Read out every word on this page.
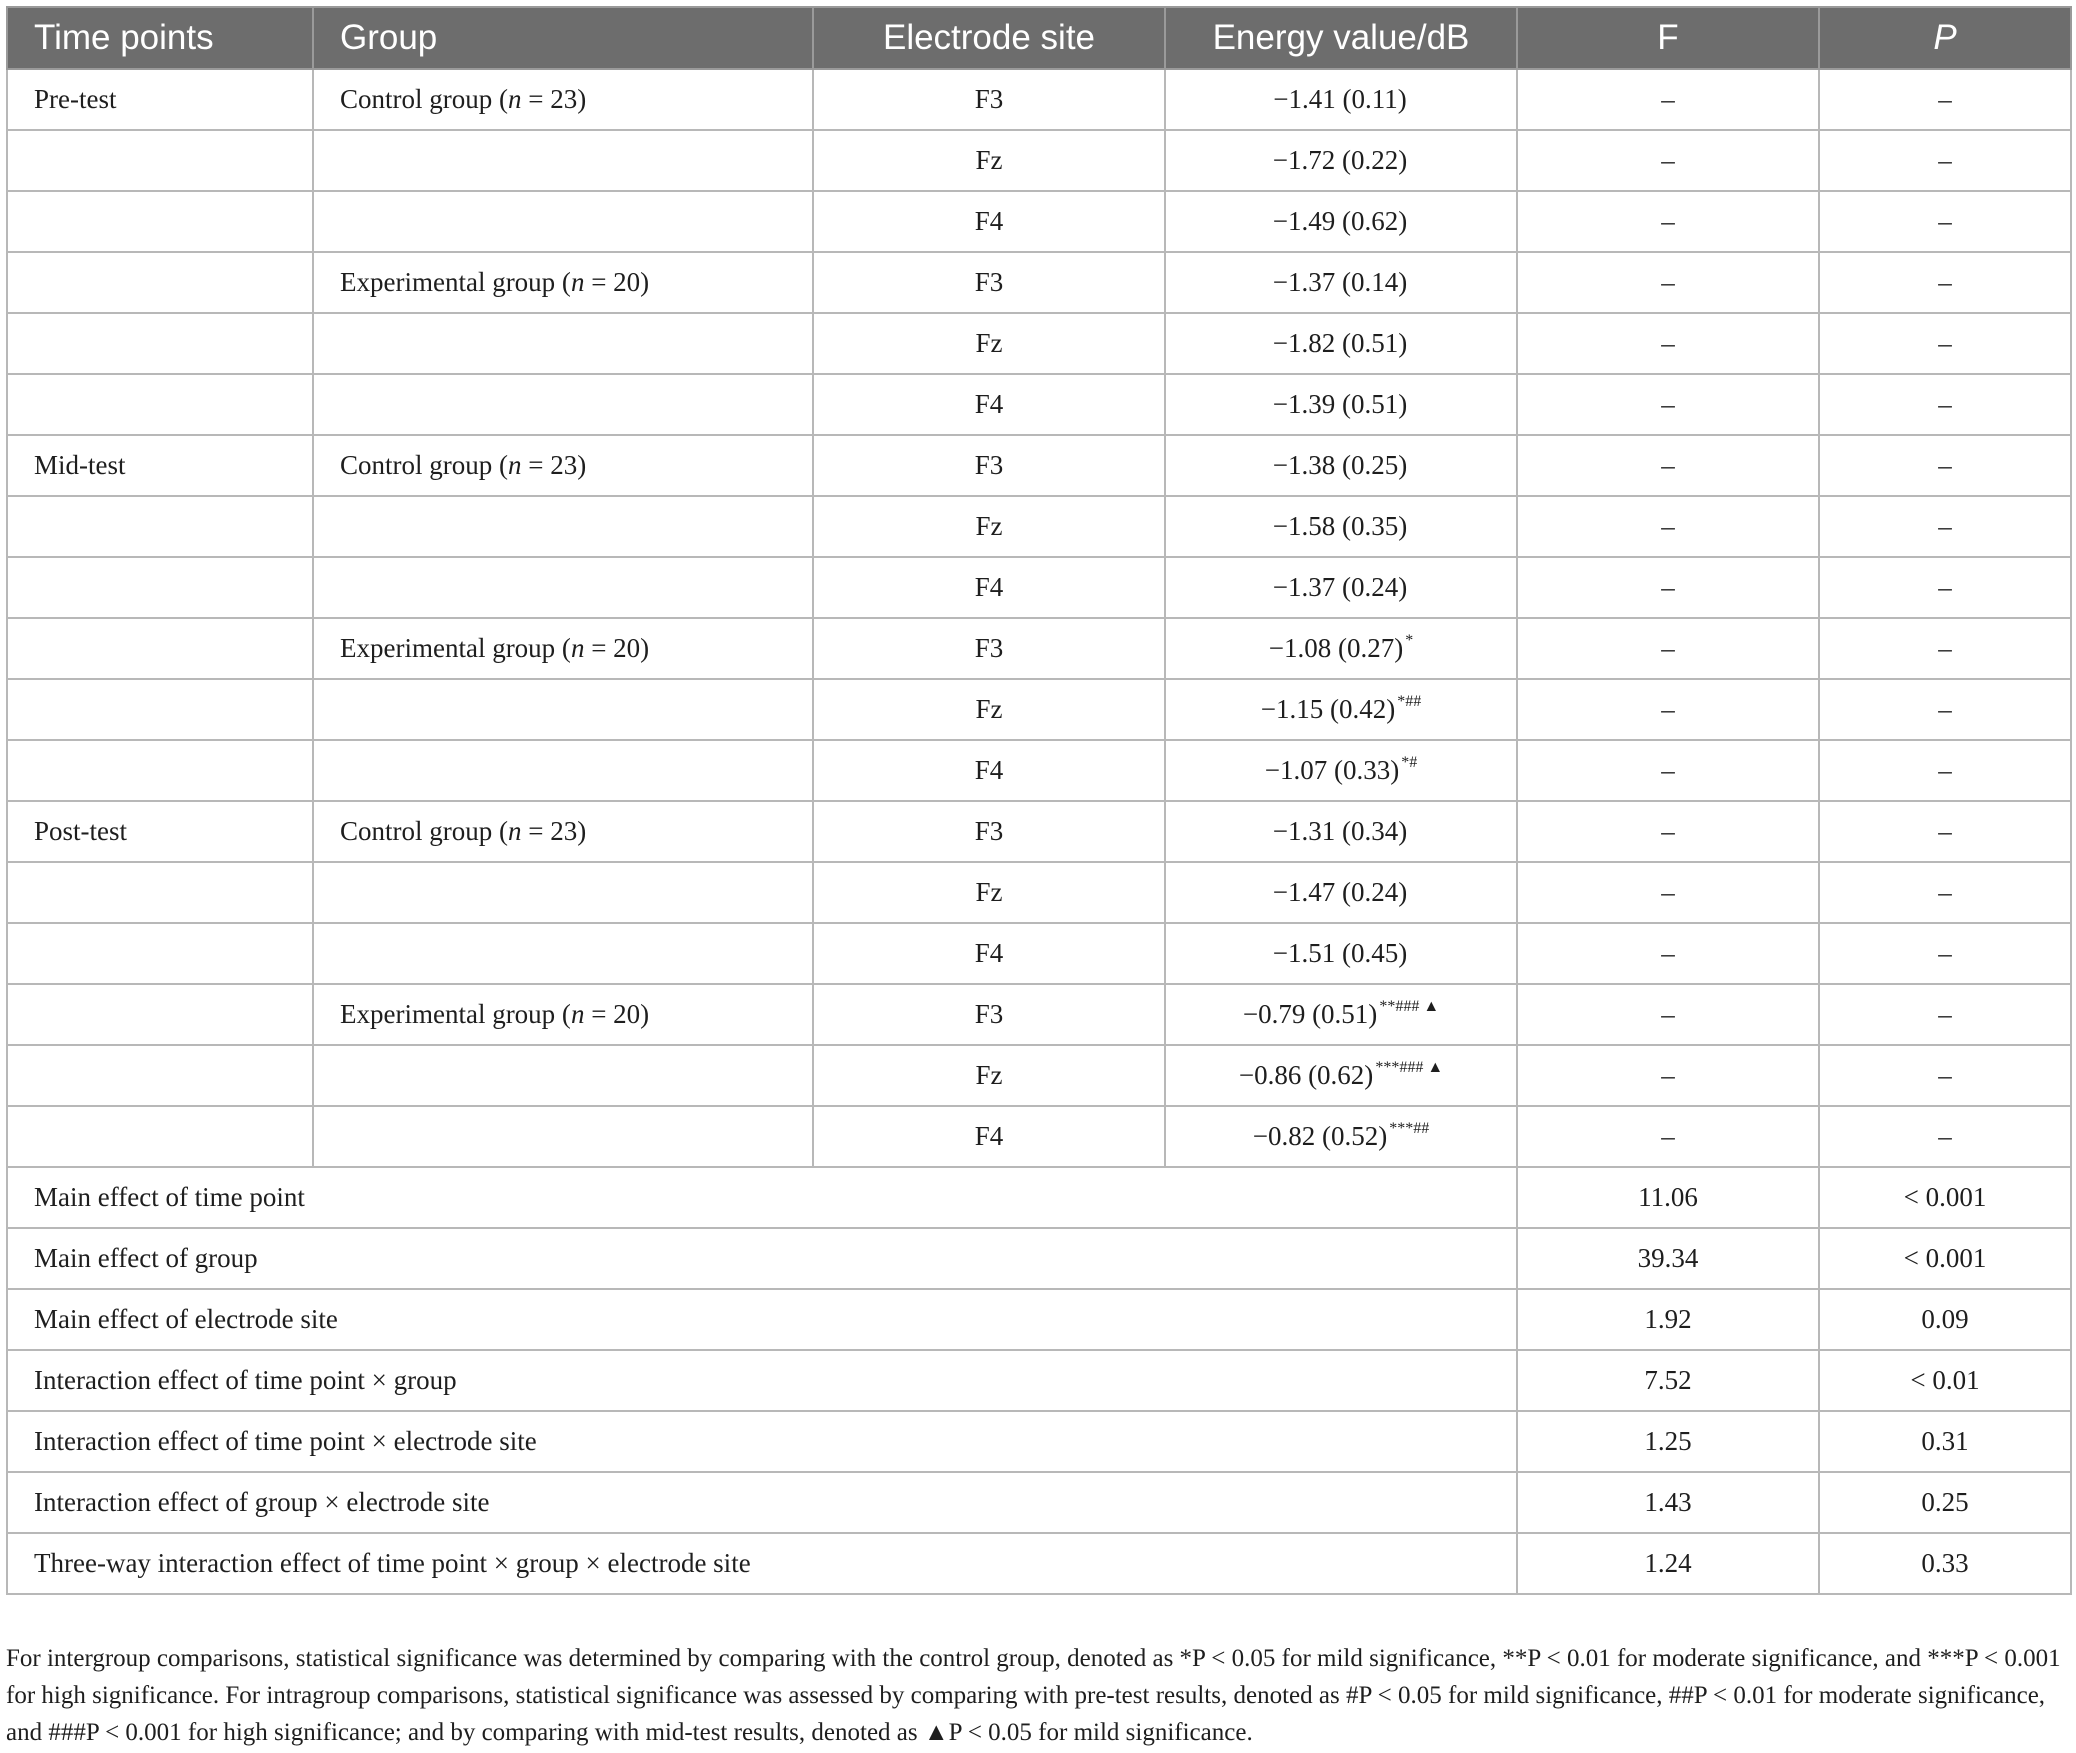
Time points	Group	Electrode site	Energy value/dB	F	P
Pre-test	Control group (n = 23)	F3	−1.41 (0.11)	–	–
		Fz	−1.72 (0.22)	–	–
		F4	−1.49 (0.62)	–	–
	Experimental group (n = 20)	F3	−1.37 (0.14)	–	–
		Fz	−1.82 (0.51)	–	–
		F4	−1.39 (0.51)	–	–
Mid-test	Control group (n = 23)	F3	−1.38 (0.25)	–	–
		Fz	−1.58 (0.35)	–	–
		F4	−1.37 (0.24)	–	–
	Experimental group (n = 20)	F3	−1.08 (0.27) *	–	–
		Fz	−1.15 (0.42) *##	–	–
		F4	−1.07 (0.33) *#	–	–
Post-test	Control group (n = 23)	F3	−1.31 (0.34)	–	–
		Fz	−1.47 (0.24)	–	–
		F4	−1.51 (0.45)	–	–
	Experimental group (n = 20)	F3	−0.79 (0.51) **### ▲	–	–
		Fz	−0.86 (0.62) ***### ▲	–	–
		F4	−0.82 (0.52) ***##	–	–
Main effect of time point				11.06	< 0.001
Main effect of group				39.34	< 0.001
Main effect of electrode site				1.92	0.09
Interaction effect of time point × group				7.52	< 0.01
Interaction effect of time point × electrode site				1.25	0.31
Interaction effect of group × electrode site				1.43	0.25
Three-way interaction effect of time point × group × electrode site				1.24	0.33
For intergroup comparisons, statistical significance was determined by comparing with the control group, denoted as *P < 0.05 for mild significance, **P < 0.01 for moderate significance, and ***P < 0.001 for high significance. For intragroup comparisons, statistical significance was assessed by comparing with pre-test results, denoted as #P < 0.05 for mild significance, ##P < 0.01 for moderate significance, and ###P < 0.001 for high significance; and by comparing with mid-test results, denoted as ▲P < 0.05 for mild significance.
